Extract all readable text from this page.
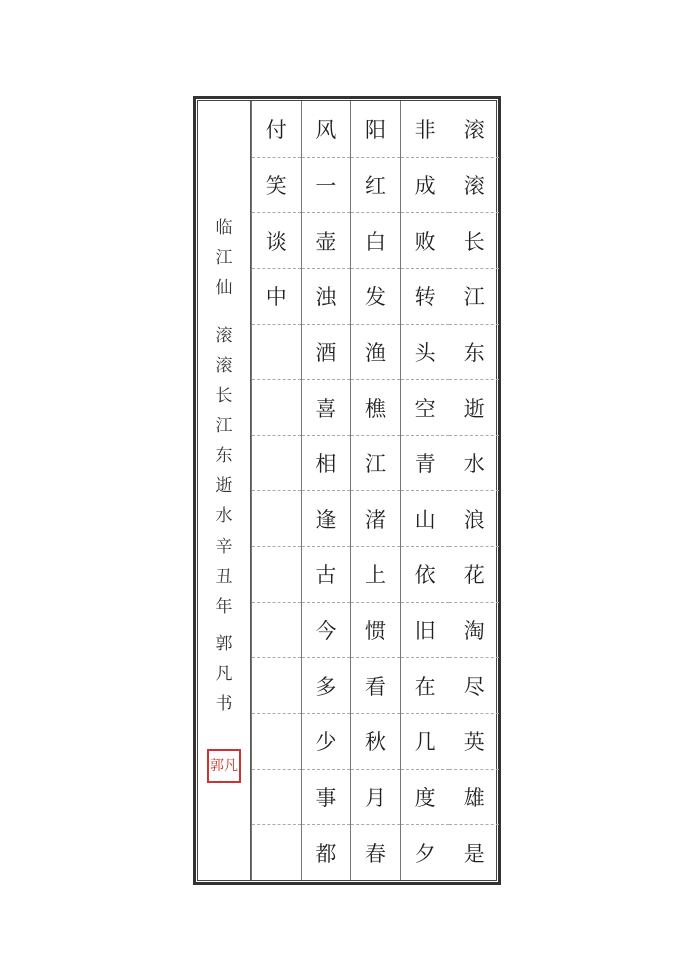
临
江
仙
滚
滚
长
江
东
逝
水
辛
丑
年
郭
凡
书
郭凡
滚
滚
长
江
东
逝
水
浪
花
淘
尽
英
雄
是
非
成
败
转
头
空
青
山
依
旧
在
几
度
夕
阳
红
白
发
渔
樵
江
渚
上
惯
看
秋
月
春
风
一
壶
浊
酒
喜
相
逢
古
今
多
少
事
都
付
笑
谈
中
